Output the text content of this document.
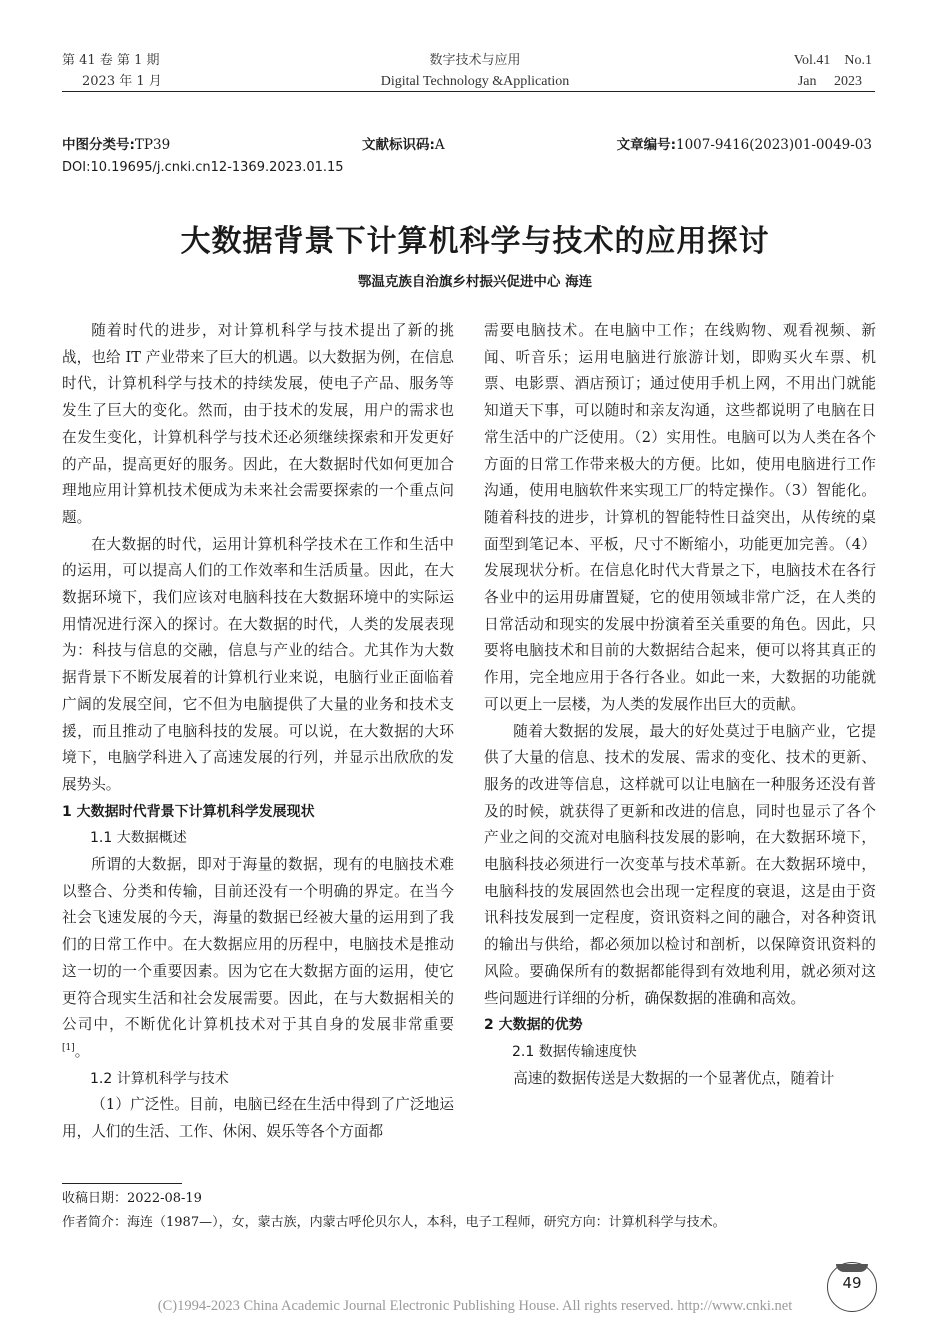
第 41 卷 第 1 期
2023 年 1 月
数字技术与应用
Digital Technology &Application
Vol.41    No.1
Jan     2023
中图分类号:TP39	文献标识码:A	文章编号:1007-9416(2023)01-0049-03
DOI:10.19695/j.cnki.cn12-1369.2023.01.15
大数据背景下计算机科学与技术的应用探讨
鄂温克族自治旗乡村振兴促进中心 海连

随着时代的进步，对计算机科学与技术提出了新的挑战，也给 IT 产业带来了巨大的机遇。以大数据为例，在信息时代，计算机科学与技术的持续发展，使电子产品、服务等发生了巨大的变化。然而，由于技术的发展，用户的需求也在发生变化，计算机科学与技术还必须继续探索和开发更好的产品，提高更好的服务。因此，在大数据时代如何更加合理地应用计算机技术便成为未来社会需要探索的一个重点问题。

在大数据的时代，运用计算机科学技术在工作和生活中的运用，可以提高人们的工作效率和生活质量。因此，在大数据环境下，我们应该对电脑科技在大数据环境中的实际运用情况进行深入的探讨。在大数据的时代，人类的发展表现为：科技与信息的交融，信息与产业的结合。尤其作为大数据背景下不断发展着的计算机行业来说，电脑行业正面临着广阔的发展空间，它不但为电脑提供了大量的业务和技术支援，而且推动了电脑科技的发展。可以说，在大数据的大环境下，电脑学科进入了高速发展的行列，并显示出欣欣的发展势头。

1 大数据时代背景下计算机科学发展现状
1.1 大数据概述

所谓的大数据，即对于海量的数据，现有的电脑技术难以整合、分类和传输，目前还没有一个明确的界定。在当今社会飞速发展的今天，海量的数据已经被大量的运用到了我们的日常工作中。在大数据应用的历程中，电脑技术是推动这一切的一个重要因素。因为它在大数据方面的运用，使它更符合现实生活和社会发展需要。因此，在与大数据相关的公司中，不断优化计算机技术对于其自身的发展非常重要[1]。

1.2 计算机科学与技术

（1）广泛性。目前，电脑已经在生活中得到了广泛地运用，人们的生活、工作、休闲、娱乐等各个方面都

需要电脑技术。在电脑中工作；在线购物、观看视频、新闻、听音乐；运用电脑进行旅游计划，即购买火车票、机票、电影票、酒店预订；通过使用手机上网，不用出门就能知道天下事，可以随时和亲友沟通，这些都说明了电脑在日常生活中的广泛使用。（2）实用性。电脑可以为人类在各个方面的日常工作带来极大的方便。比如，使用电脑进行工作沟通，使用电脑软件来实现工厂的特定操作。（3）智能化。随着科技的进步，计算机的智能特性日益突出，从传统的桌面型到笔记本、平板，尺寸不断缩小，功能更加完善。（4）发展现状分析。在信息化时代大背景之下，电脑技术在各行各业中的运用毋庸置疑，它的使用领域非常广泛，在人类的日常活动和现实的发展中扮演着至关重要的角色。因此，只要将电脑技术和目前的大数据结合起来，便可以将其真正的作用，完全地应用于各行各业。如此一来，大数据的功能就可以更上一层楼，为人类的发展作出巨大的贡献。

随着大数据的发展，最大的好处莫过于电脑产业，它提供了大量的信息、技术的发展、需求的变化、技术的更新、服务的改进等信息，这样就可以让电脑在一种服务还没有普及的时候，就获得了更新和改进的信息，同时也显示了各个产业之间的交流对电脑科技发展的影响，在大数据环境下，电脑科技必须进行一次变革与技术革新。在大数据环境中，电脑科技的发展固然也会出现一定程度的衰退，这是由于资讯科技发展到一定程度，资讯资料之间的融合，对各种资讯的输出与供给，都必须加以检讨和剖析，以保障资讯资料的风险。要确保所有的数据都能得到有效地利用，就必须对这些问题进行详细的分析，确保数据的准确和高效。

2 大数据的优势
2.1 数据传输速度快

高速的数据传送是大数据的一个显著优点，随着计

收稿日期：2022-08-19
作者简介：海连（1987—），女，蒙古族，内蒙古呼伦贝尔人，本科，电子工程师，研究方向：计算机科学与技术。
49
(C)1994-2023 China Academic Journal Electronic Publishing House. All rights reserved. http://www.cnki.net
